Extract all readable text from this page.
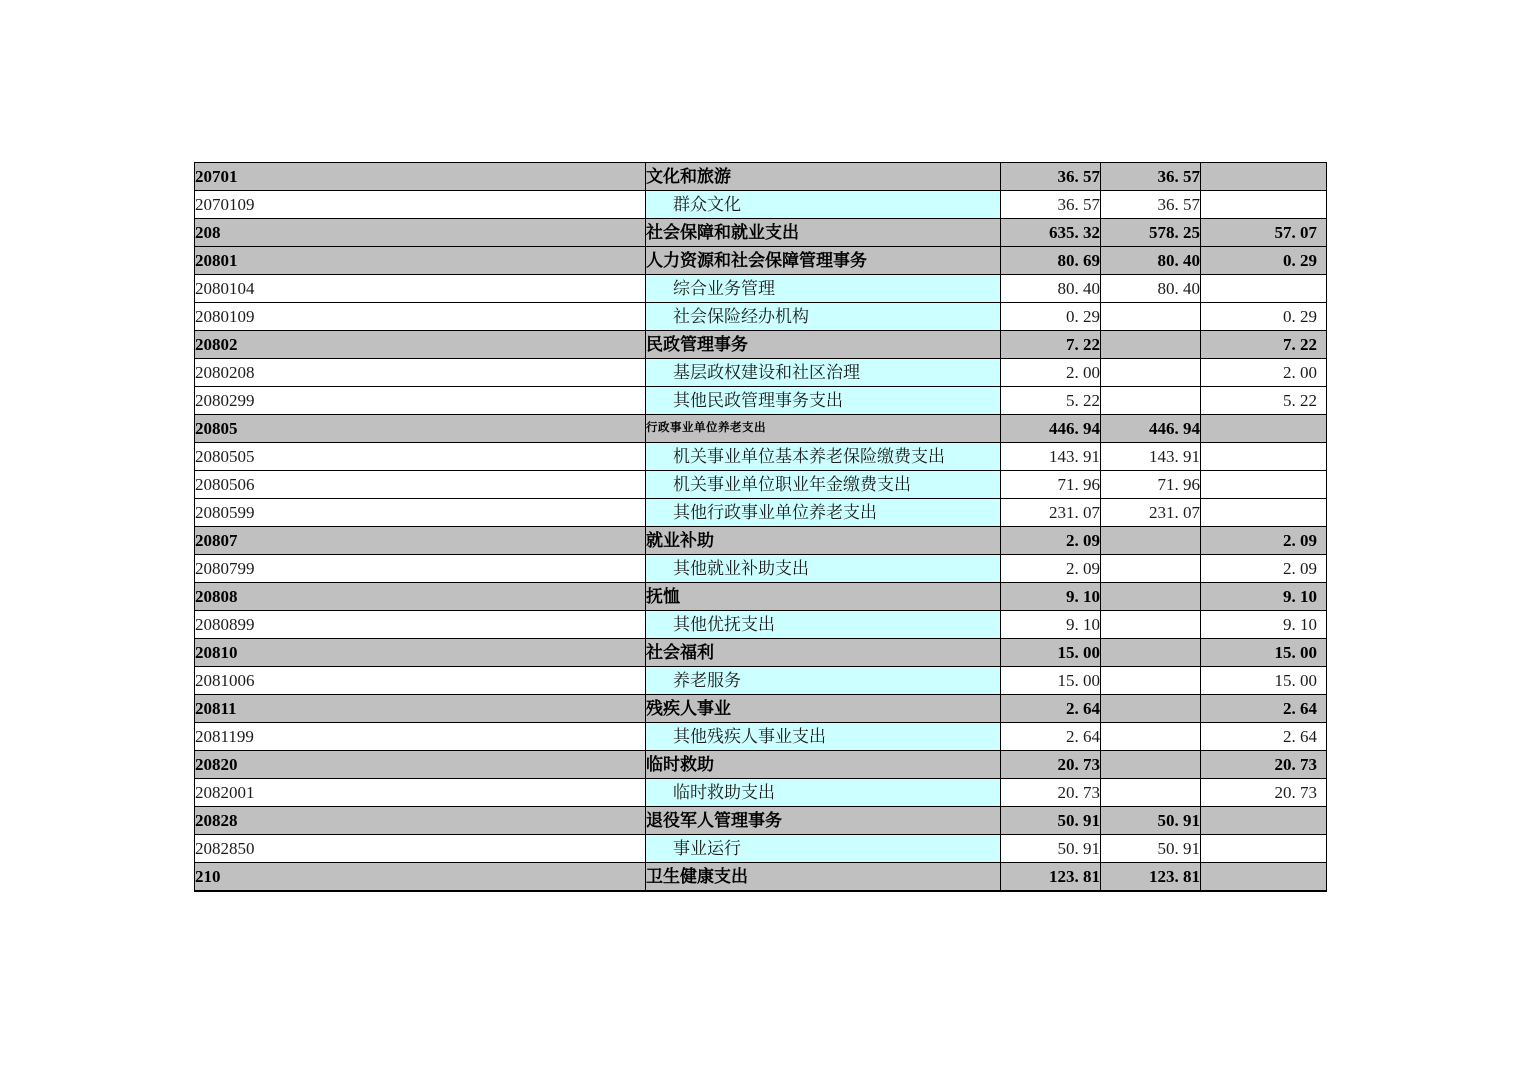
20701	文化和旅游	36. 57	36. 57	
2070109	群众文化	36. 57	36. 57	
208	社会保障和就业支出	635. 32	578. 25	57. 07
20801	人力资源和社会保障管理事务	80. 69	80. 40	0. 29
2080104	综合业务管理	80. 40	80. 40	
2080109	社会保险经办机构	0. 29		0. 29
20802	民政管理事务	7. 22		7. 22
2080208	基层政权建设和社区治理	2. 00		2. 00
2080299	其他民政管理事务支出	5. 22		5. 22
20805	行政事业单位养老支出	446. 94	446. 94	
2080505	机关事业单位基本养老保险缴费支出	143. 91	143. 91	
2080506	机关事业单位职业年金缴费支出	71. 96	71. 96	
2080599	其他行政事业单位养老支出	231. 07	231. 07	
20807	就业补助	2. 09		2. 09
2080799	其他就业补助支出	2. 09		2. 09
20808	抚恤	9. 10		9. 10
2080899	其他优抚支出	9. 10		9. 10
20810	社会福利	15. 00		15. 00
2081006	养老服务	15. 00		15. 00
20811	残疾人事业	2. 64		2. 64
2081199	其他残疾人事业支出	2. 64		2. 64
20820	临时救助	20. 73		20. 73
2082001	临时救助支出	20. 73		20. 73
20828	退役军人管理事务	50. 91	50. 91	
2082850	事业运行	50. 91	50. 91	
210	卫生健康支出	123. 81	123. 81	
